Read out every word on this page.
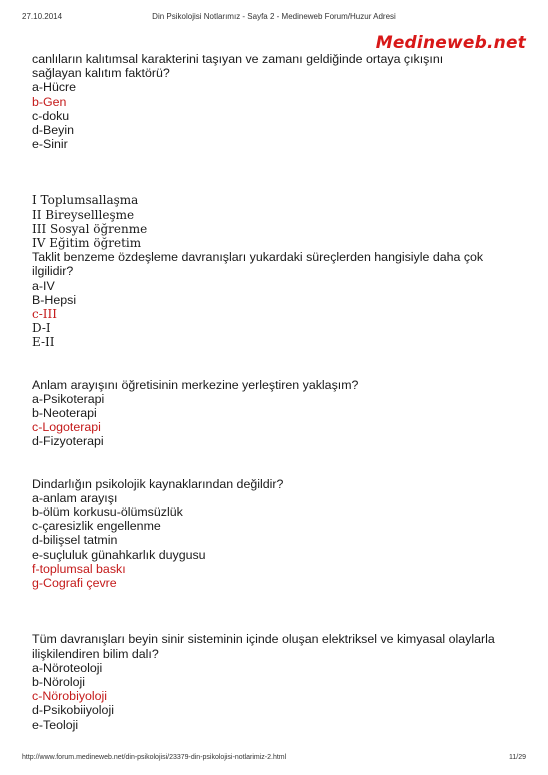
27.10.2014	Din Psikolojisi Notlarımız - Sayfa 2 - Medineweb Forum/Huzur Adresi
Medineweb.net
canlıların kalıtımsal karakterini taşıyan ve zamanı geldiğinde ortaya çıkışını sağlayan kalıtım faktörü?
a-Hücre
b-Gen
c-doku
d-Beyin
e-Sinir
I Toplumsallaşma
II Bireysellleşme
III Sosyal öğrenme
IV Eğitim öğretim
Taklit benzeme özdeşleme davranışları yukardaki süreçlerden hangisiyle daha çok ilgilidir?
a-IV
B-Hepsi
c-III
D-I
E-II
Anlam arayışını öğretisinin merkezine yerleştiren yaklaşım?
a-Psikoterapi
b-Neoterapi
c-Logoterapi
d-Fizyoterapi
Dindarlığın psikolojik kaynaklarından değildir?
a-anlam arayışı
b-ölüm korkusu-ölümsüzlük
c-çaresizlik engellenme
d-bilişsel tatmin
e-suçluluk günahkarlık duygusu
f-toplumsal baskı
g-Cografi çevre
Tüm davranışları beyin sinir sisteminin içinde oluşan elektriksel ve kimyasal olaylarla ilişkilendiren bilim dalı?
a-Nöroteoloji
b-Nöroloji
c-Nörobiyoloji
d-Psikobiiyoloji
e-Teoloji
http://www.forum.medineweb.net/din-psikolojisi/23379-din-psikolojisi-notlarimiz-2.html	11/29
